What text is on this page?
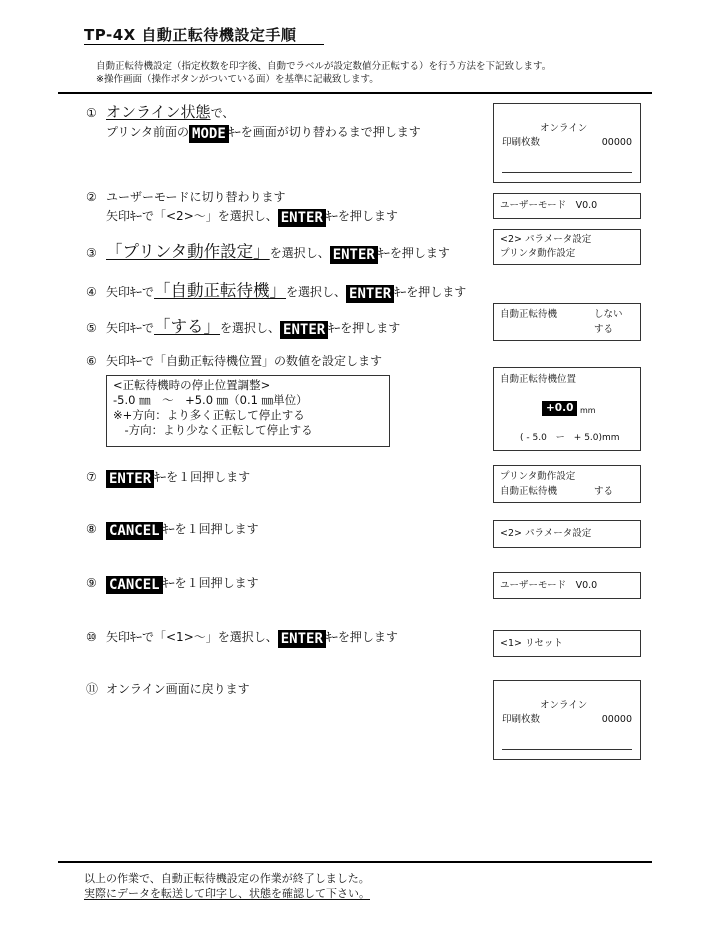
TP-4X 自動正転待機設定手順
自動正転待機設定（指定枚数を印字後、自動でラベルが設定数値分正転する）を行う方法を下記致します。
※操作画面（操作ボタンがついている面）を基準に記載致します。
① オンライン状態で、
プリンタ前面の MODE ｷｰを画面が切り替わるまで押します	オンライン
印刷枚数	00000
② ユーザーモードに切り替わります
矢印ｷｰで「<2>～」を選択し、 ENTER ｷｰを押します
ユーザーモード　V0.0
③ 「プリンタ動作設定」を選択し、 ENTER ｷｰを押します
<2> パラメータ設定
プリンタ動作設定
④ 矢印ｷｰで「自動正転待機」を選択し、 ENTER ｷｰを押します
⑤ 矢印ｷｰで「する」を選択し、 ENTER ｷｰを押します
自動正転待機	しない
する
⑥ 矢印ｷｰで「自動正転待機位置」の数値を設定します
<正転待機時の停止位置調整>
-5.0 ㎜　～　+5.0 ㎜（0.1 ㎜単位）
※+方向：より多く正転して停止する
　-方向：より少なく正転して停止する
自動正転待機位置
+0.0 mm
( - 5.0　ー　+ 5.0)mm
⑦ ENTER ｷｰを１回押します	プリンタ動作設定
自動正転待機	する
⑧ CANCEL ｷｰを１回押します	<2> パラメータ設定
⑨ CANCEL ｷｰを１回押します	ユーザーモード　V0.0
⑩ 矢印ｷｰで「<1>～」を選択し、 ENTER ｷｰを押します	<1> リセット
⑪ オンライン画面に戻ります
オンライン
印刷枚数	00000
以上の作業で、自動正転待機設定の作業が終了しました。
実際にデータを転送して印字し、状態を確認して下さい。
